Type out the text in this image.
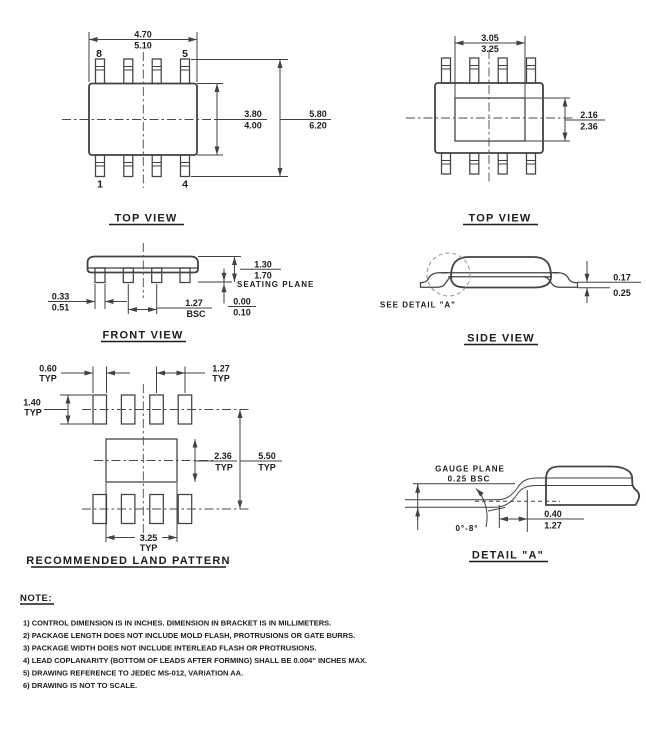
4.70
5.10
8	5
1	4
3.80
4.00
5.80
6.20
TOP VIEW
3.05
3.25
2.16
2.36
TOP VIEW
1.30
1.70
SEATING PLANE
0.00
0.10
0.33
0.51	1.27
BSC
FRONT VIEW
SEE DETAIL "A"
0.17
0.25
SIDE VIEW
0.60
TYP
1.27
TYP
1.40
TYP
2.36
TYP
5.50
TYP
3.25
TYP
RECOMMENDED LAND PATTERN
GAUGE PLANE
0.25 BSC
0°-8°
0.40
1.27
DETAIL "A"
NOTE:
1) CONTROL DIMENSION IS IN INCHES. DIMENSION IN BRACKET IS IN MILLIMETERS.
2) PACKAGE LENGTH DOES NOT INCLUDE MOLD FLASH, PROTRUSIONS OR GATE BURRS.
3) PACKAGE WIDTH DOES NOT INCLUDE INTERLEAD FLASH OR PROTRUSIONS.
4) LEAD COPLANARITY (BOTTOM OF LEADS AFTER FORMING) SHALL BE 0.004" INCHES MAX.
5) DRAWING REFERENCE TO JEDEC MS-012, VARIATION AA.
6) DRAWING IS NOT TO SCALE.
